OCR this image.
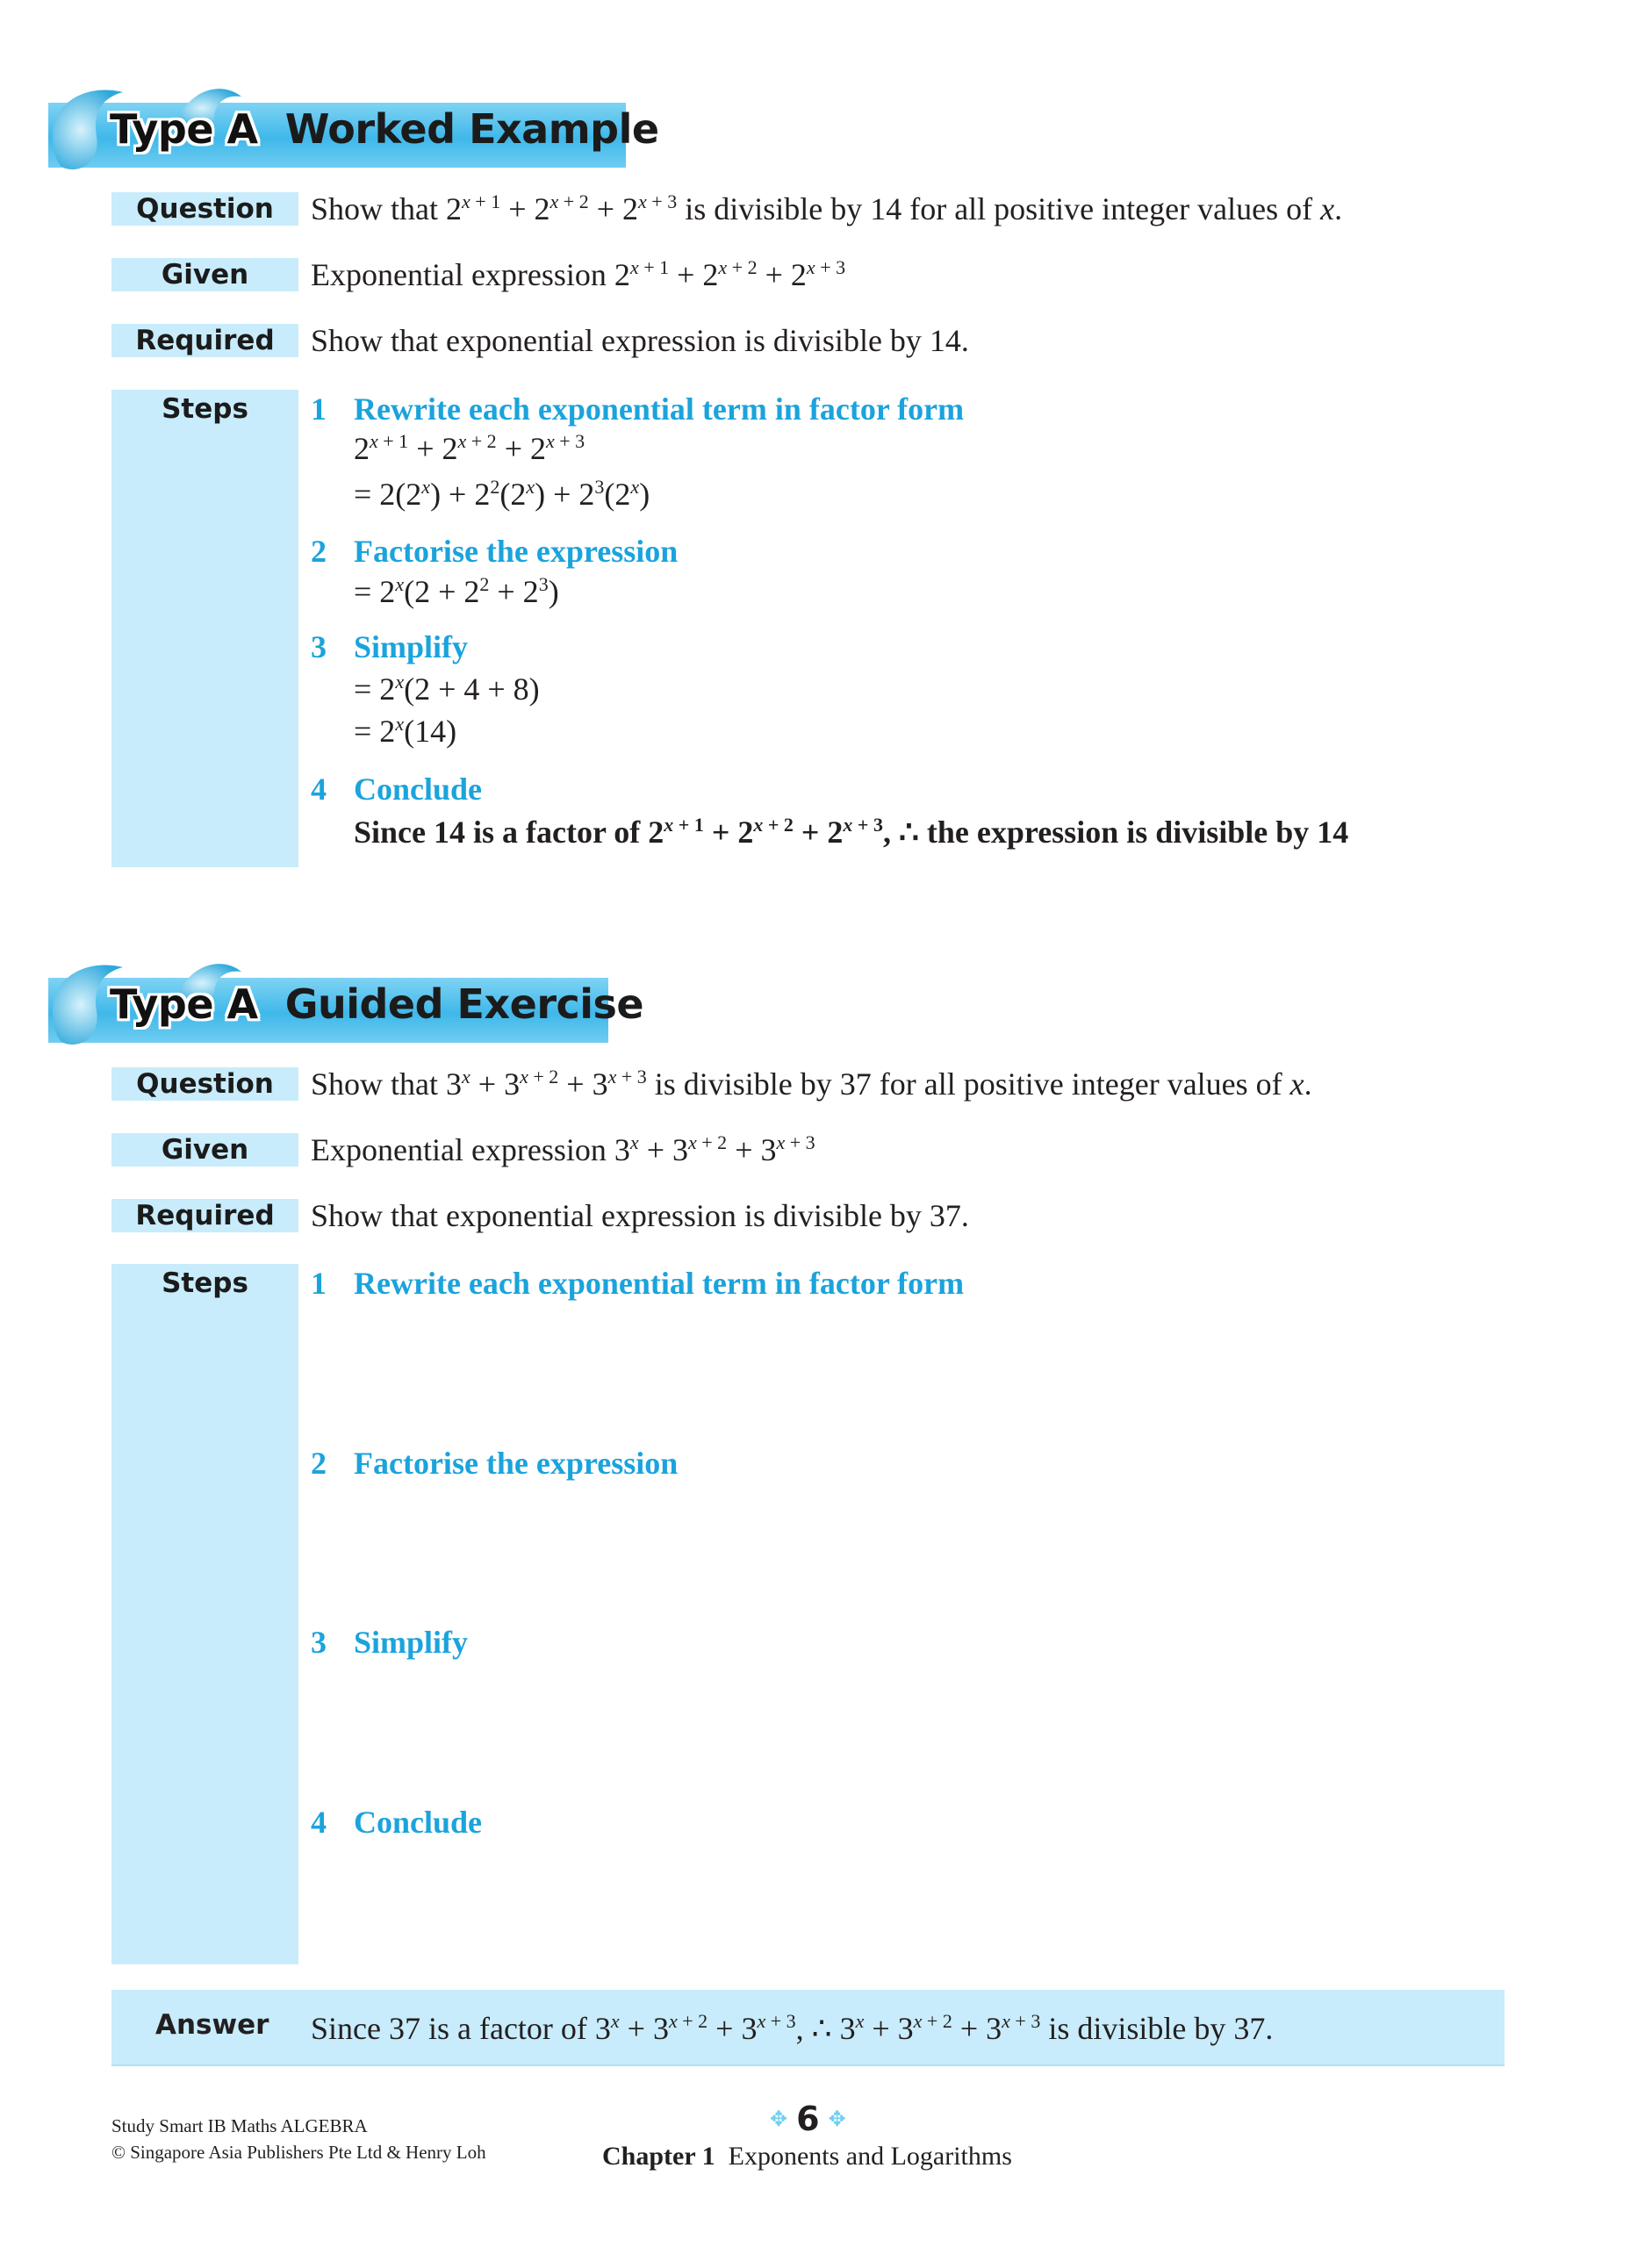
Type A Worked Example
Question	Show that $2^{x + 1} + 2^{x + 2} + 2^{x + 3}$ is divisible by 14 for all positive integer values of x.
Given	Exponential expression $2^{x + 1} + 2^{x + 2} + 2^{x + 3}$
Required	Show that exponential expression is divisible by 14.
Steps	1 Rewrite each exponential term in factor form
$2^{x + 1} + 2^{x + 2} + 2^{x + 3}$
= $2(2^x) + 2^2(2^x) + 2^3(2^x)$
2 Factorise the expression
= $2^x(2 + 2^2 + 2^3)$
3 Simplify
= $2^x(2 + 4 + 8)$
= $2^x(14)$
4 Conclude
Since 14 is a factor of $2^{x + 1} + 2^{x + 2} + 2^{x + 3}$, ∴ the expression is divisible by 14
Type A Guided Exercise
Question	Show that $3^x + 3^{x + 2} + 3^{x + 3}$ is divisible by 37 for all positive integer values of x.
Given	Exponential expression $3^x + 3^{x + 2} + 3^{x + 3}$
Required	Show that exponential expression is divisible by 37.
Steps	1 Rewrite each exponential term in factor form
2 Factorise the expression
3 Simplify
4 Conclude
Answer Since 37 is a factor of $3^x + 3^{x + 2} + 3^{x + 3}$, ∴ $3^x + 3^{x + 2} + 3^{x + 3}$ is divisible by 37.
Study Smart IB Maths ALGEBRA
© Singapore Asia Publishers Pte Ltd & Henry Loh
✥ 6 ✥
Chapter 1 Exponents and Logarithms
